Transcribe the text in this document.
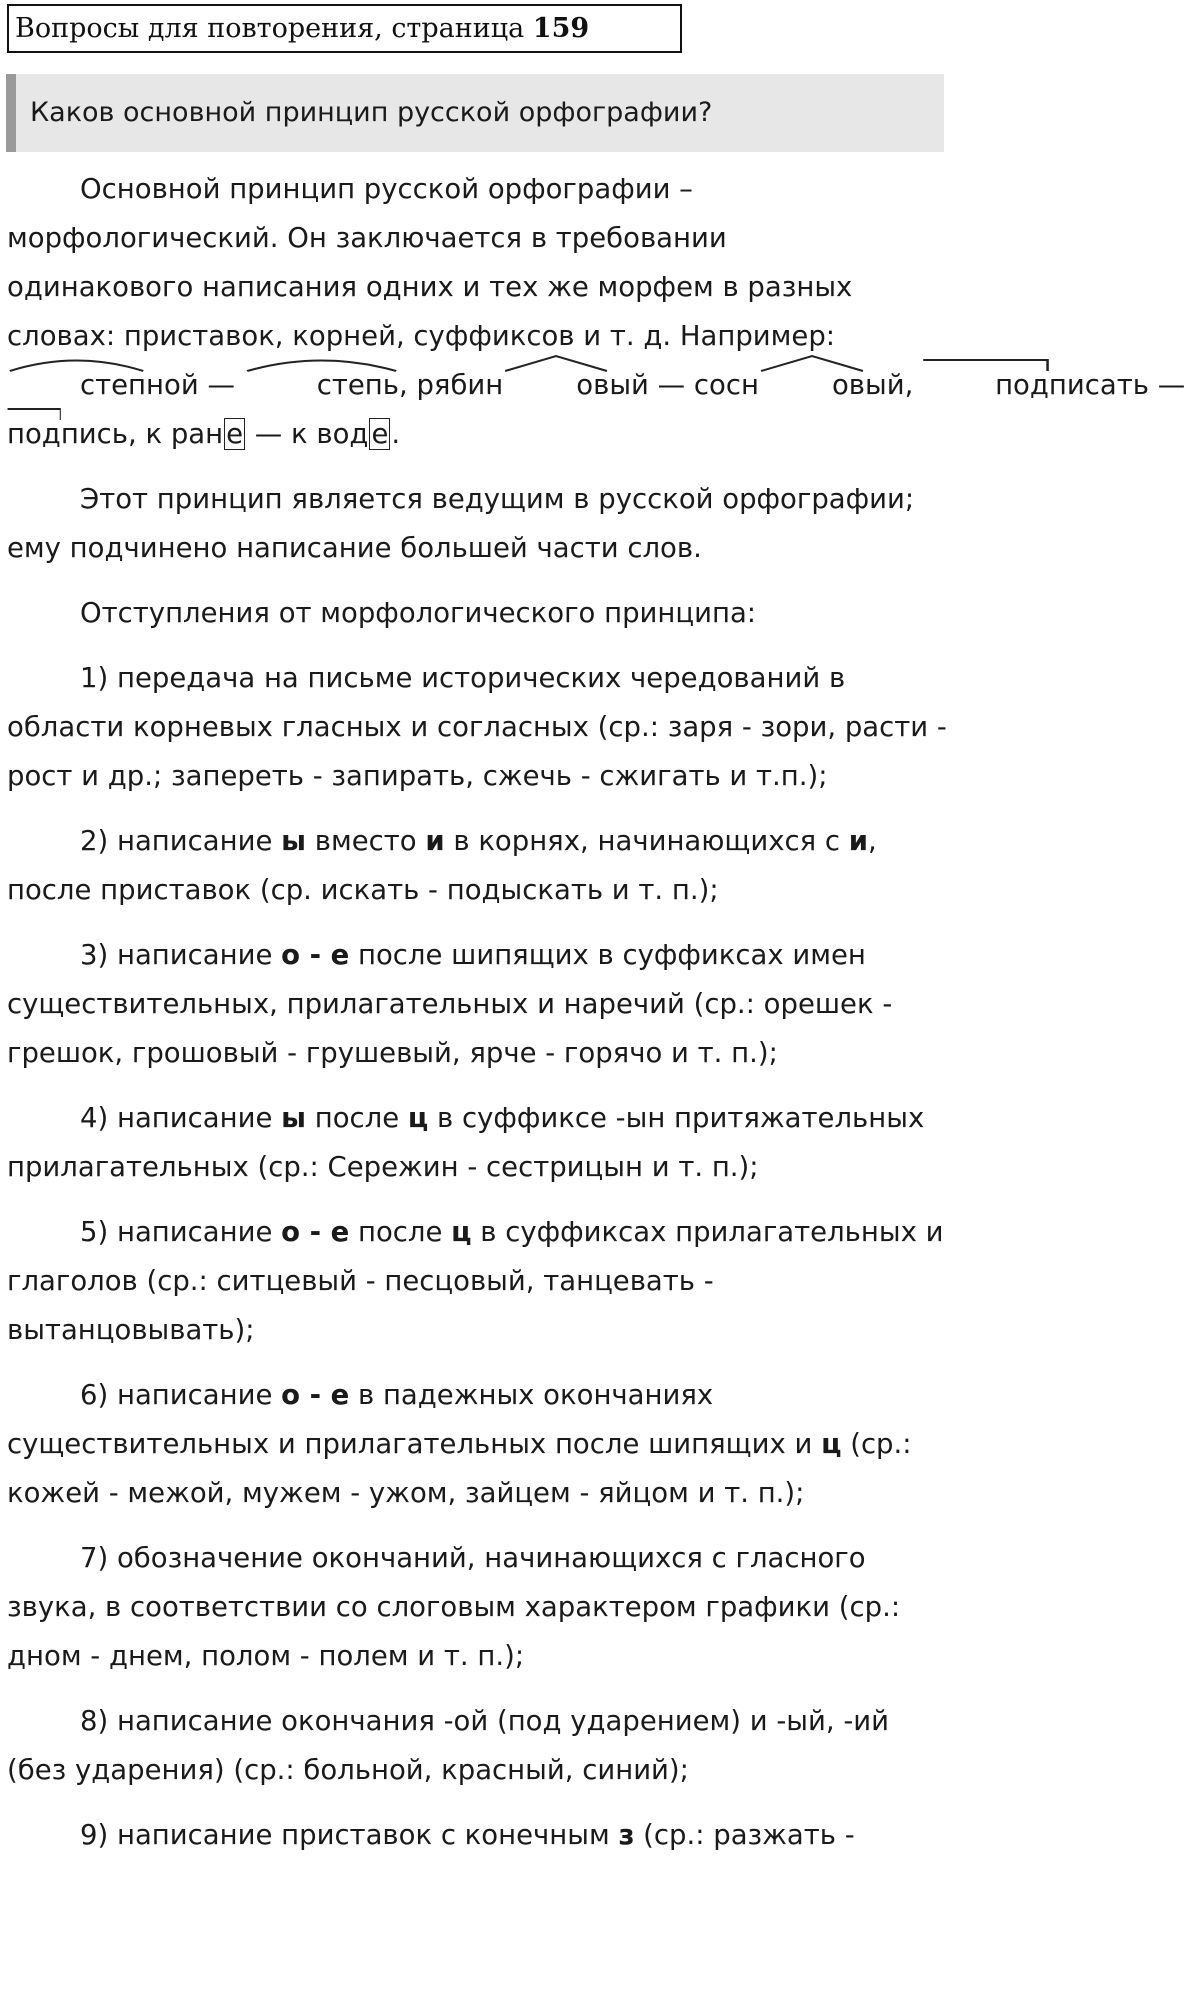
Вопросы для повторения, страница 159
Каков основной принцип русской орфографии?

Основной принцип русской орфографии –
морфологический. Он заключается в требовании
одинакового написания одних и тех же морфем в разных
словах: приставок, корней, суффиксов и т. д. Например:

степной —	степь, рябин	овый — сосн	овый,	подписать —

подпись, к ран е — к вод е .

Этот принцип является ведущим в русской орфографии; ему подчинено написание большей части слов.

Отступления от морфологического принципа:

1) передача на письме исторических чередований в области корневых гласных и согласных (ср.: заря - зори, расти - рост и др.; запереть - запирать, сжечь - сжигать и т.п.);

2) написание ы вместо и в корнях, начинающихся с и, после приставок (ср. искать - подыскать и т. п.);

3) написание о - е после шипящих в суффиксах имен существительных, прилагательных и наречий (ср.: орешек - грешок, грошовый - грушевый, ярче - горячо и т. п.);

4) написание ы после ц в суффиксе -ын притяжательных прилагательных (ср.: Сережин - сестрицын и т. п.);

5) написание о - е после ц в суффиксах прилагательных и глаголов (ср.: ситцевый - песцовый, танцевать - вытанцовывать);

6) написание о - е в падежных окончаниях существительных и прилагательных после шипящих и ц (ср.: кожей - межой, мужем - ужом, зайцем - яйцом и т. п.);

7) обозначение окончаний, начинающихся с гласного звука, в соответствии со слоговым характером графики (ср.: дном - днем, полом - полем и т. п.);

8) написание окончания -ой (под ударением) и -ый, -ий (без ударения) (ср.: больной, красный, синий);

9) написание приставок с конечным з (ср.: разжать -
